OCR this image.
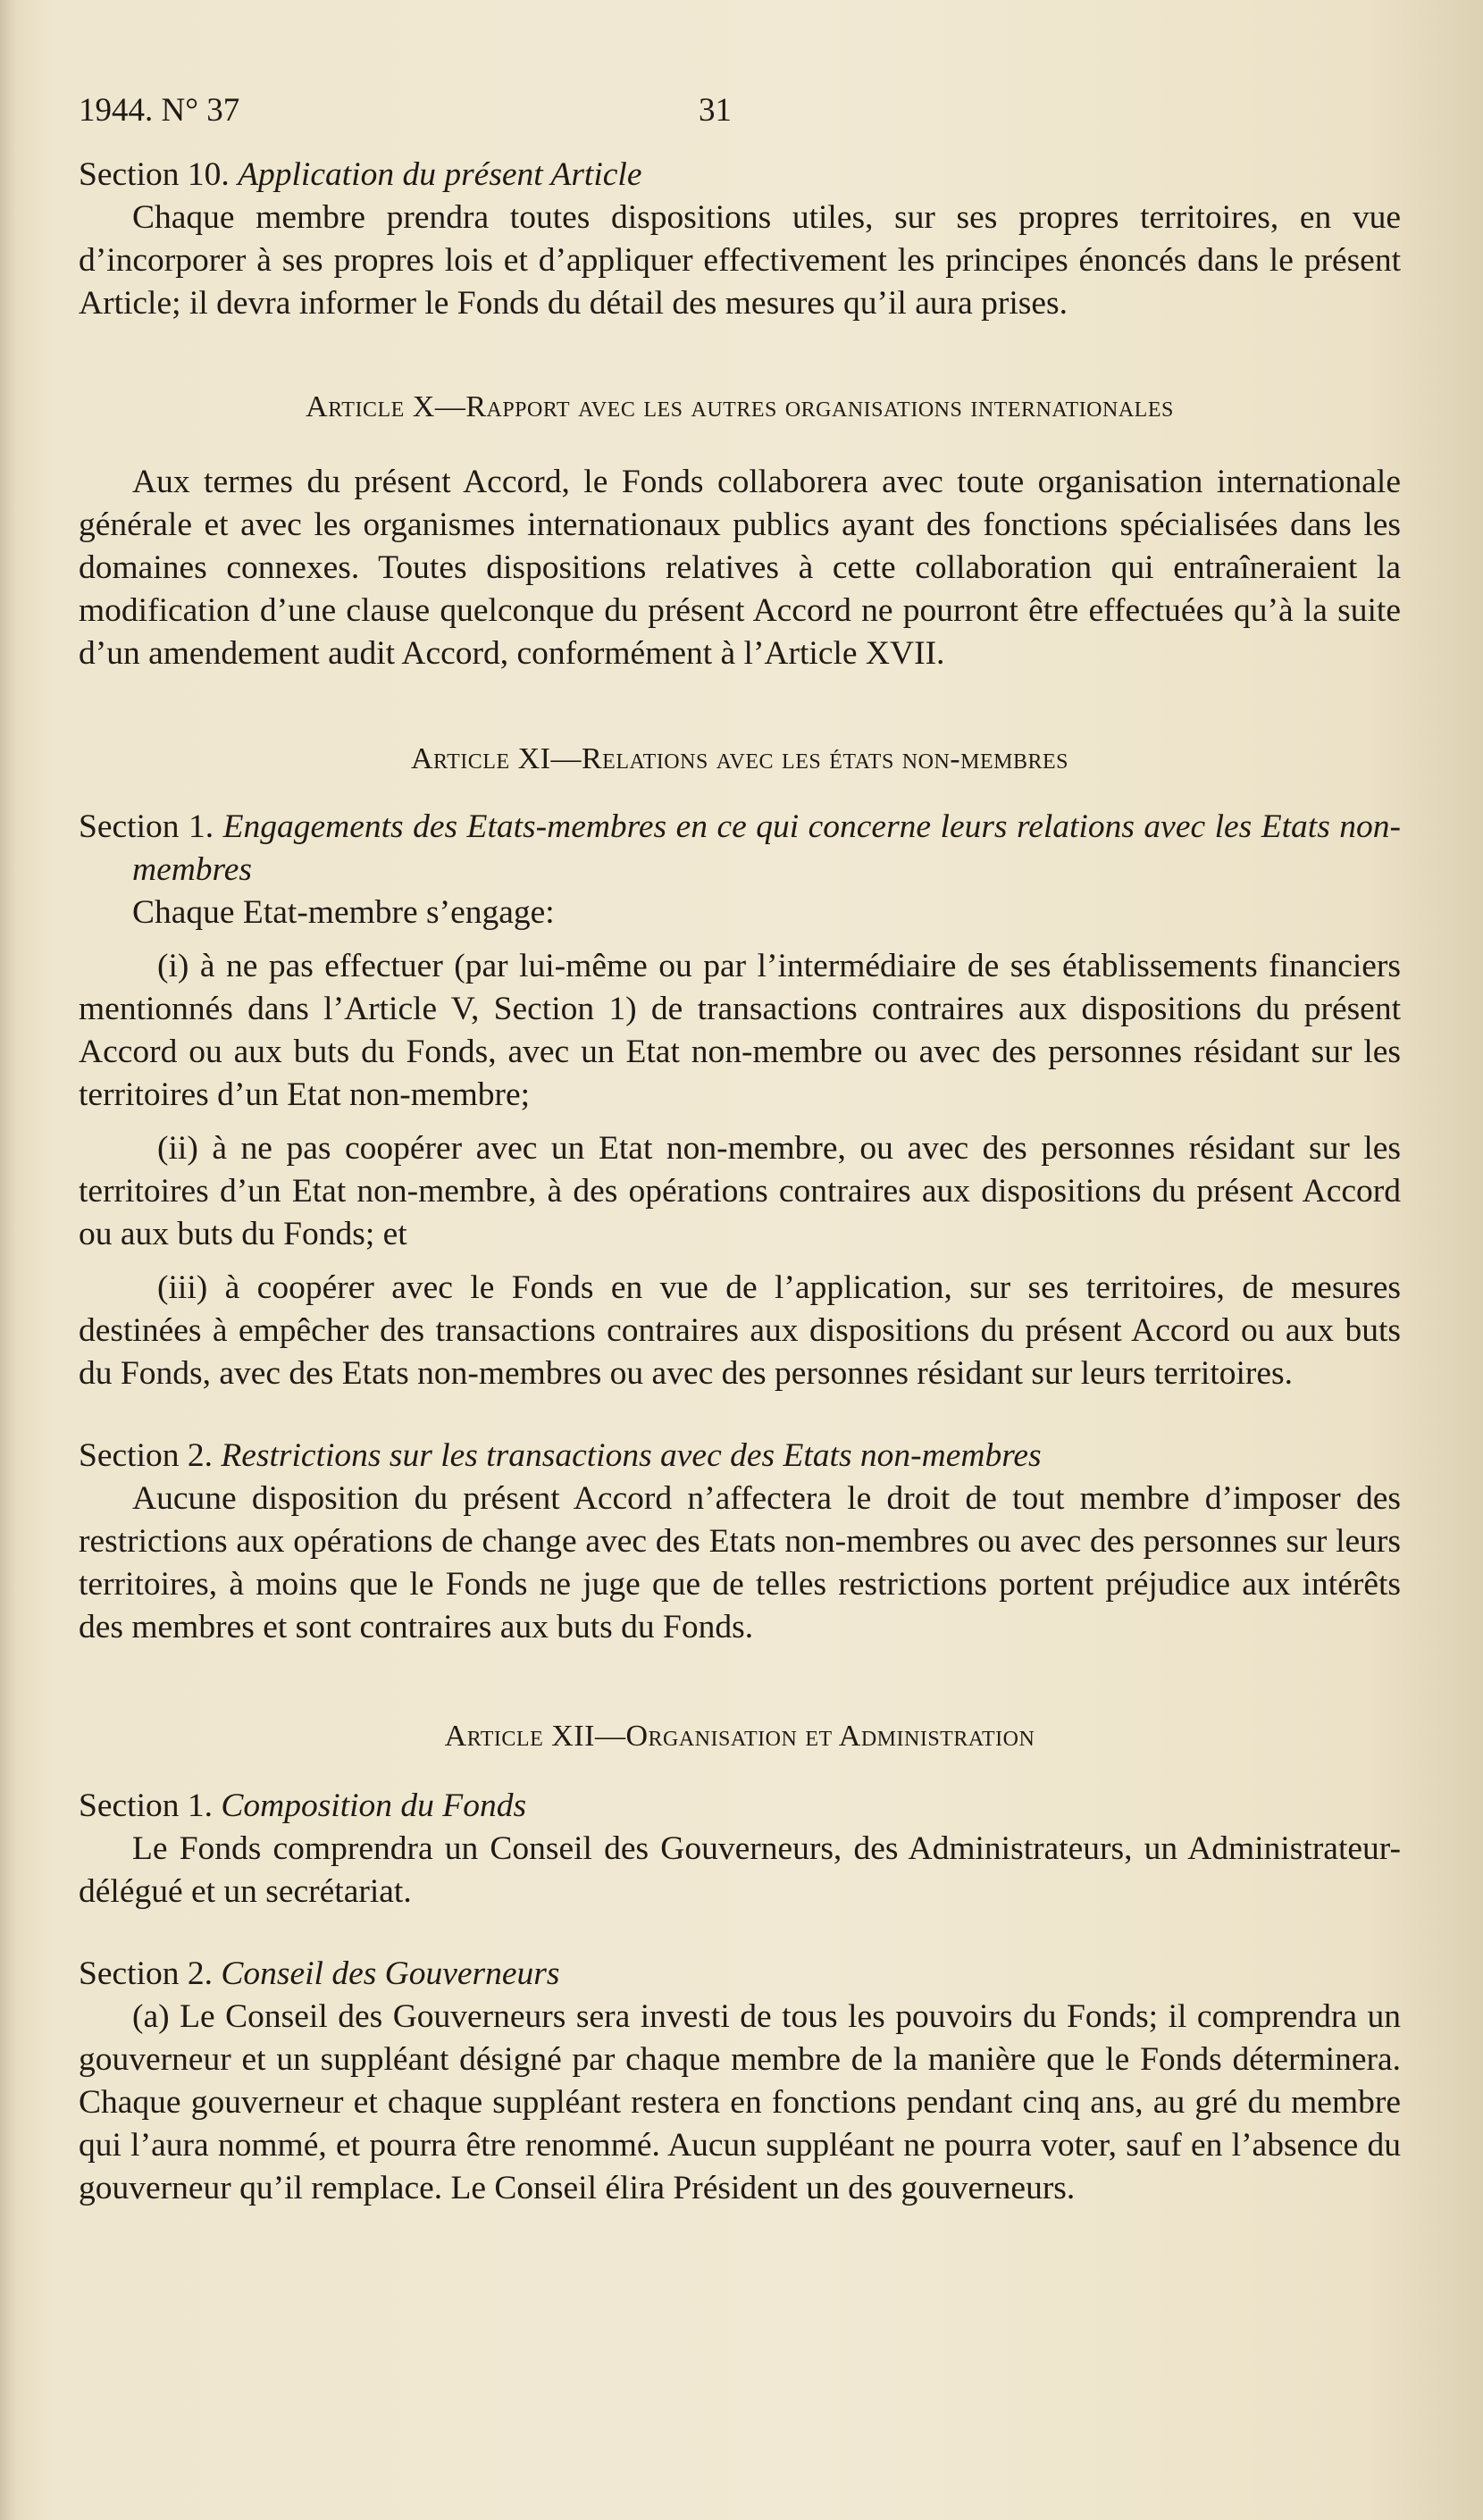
1944. N° 37	31

Section 10. Application du présent Article

Chaque membre prendra toutes dispositions utiles, sur ses propres territoires, en vue d’incorporer à ses propres lois et d’appliquer effectivement les principes énoncés dans le présent Article; il devra informer le Fonds du détail des mesures qu’il aura prises.

Article X—Rapport avec les autres organisations internationales

Aux termes du présent Accord, le Fonds collaborera avec toute organisation internationale générale et avec les organismes internationaux publics ayant des fonctions spécialisées dans les domaines connexes. Toutes dispositions relatives à cette collaboration qui entraîneraient la modification d’une clause quelconque du présent Accord ne pourront être effectuées qu’à la suite d’un amendement audit Accord, conformément à l’Article XVII.

Article XI—Relations avec les états non-membres

Section 1. Engagements des Etats-membres en ce qui concerne leurs relations avec les Etats non-membres

Chaque Etat-membre s’engage:

(i) à ne pas effectuer (par lui-même ou par l’intermédiaire de ses établissements financiers mentionnés dans l’Article V, Section 1) de transactions contraires aux dispositions du présent Accord ou aux buts du Fonds, avec un Etat non-membre ou avec des personnes résidant sur les territoires d’un Etat non-membre;

(ii) à ne pas coopérer avec un Etat non-membre, ou avec des personnes résidant sur les territoires d’un Etat non-membre, à des opérations contraires aux dispositions du présent Accord ou aux buts du Fonds; et

(iii) à coopérer avec le Fonds en vue de l’application, sur ses territoires, de mesures destinées à empêcher des transactions contraires aux dispositions du présent Accord ou aux buts du Fonds, avec des Etats non-membres ou avec des personnes résidant sur leurs territoires.

Section 2. Restrictions sur les transactions avec des Etats non-membres

Aucune disposition du présent Accord n’affectera le droit de tout membre d’imposer des restrictions aux opérations de change avec des Etats non-membres ou avec des personnes sur leurs territoires, à moins que le Fonds ne juge que de telles restrictions portent préjudice aux intérêts des membres et sont contraires aux buts du Fonds.

Article XII—Organisation et Administration

Section 1. Composition du Fonds

Le Fonds comprendra un Conseil des Gouverneurs, des Administrateurs, un Administrateur-délégué et un secrétariat.

Section 2. Conseil des Gouverneurs

(a) Le Conseil des Gouverneurs sera investi de tous les pouvoirs du Fonds; il comprendra un gouverneur et un suppléant désigné par chaque membre de la manière que le Fonds déterminera. Chaque gouverneur et chaque suppléant restera en fonctions pendant cinq ans, au gré du membre qui l’aura nommé, et pourra être renommé. Aucun suppléant ne pourra voter, sauf en l’absence du gouverneur qu’il remplace. Le Conseil élira Président un des gouverneurs.
